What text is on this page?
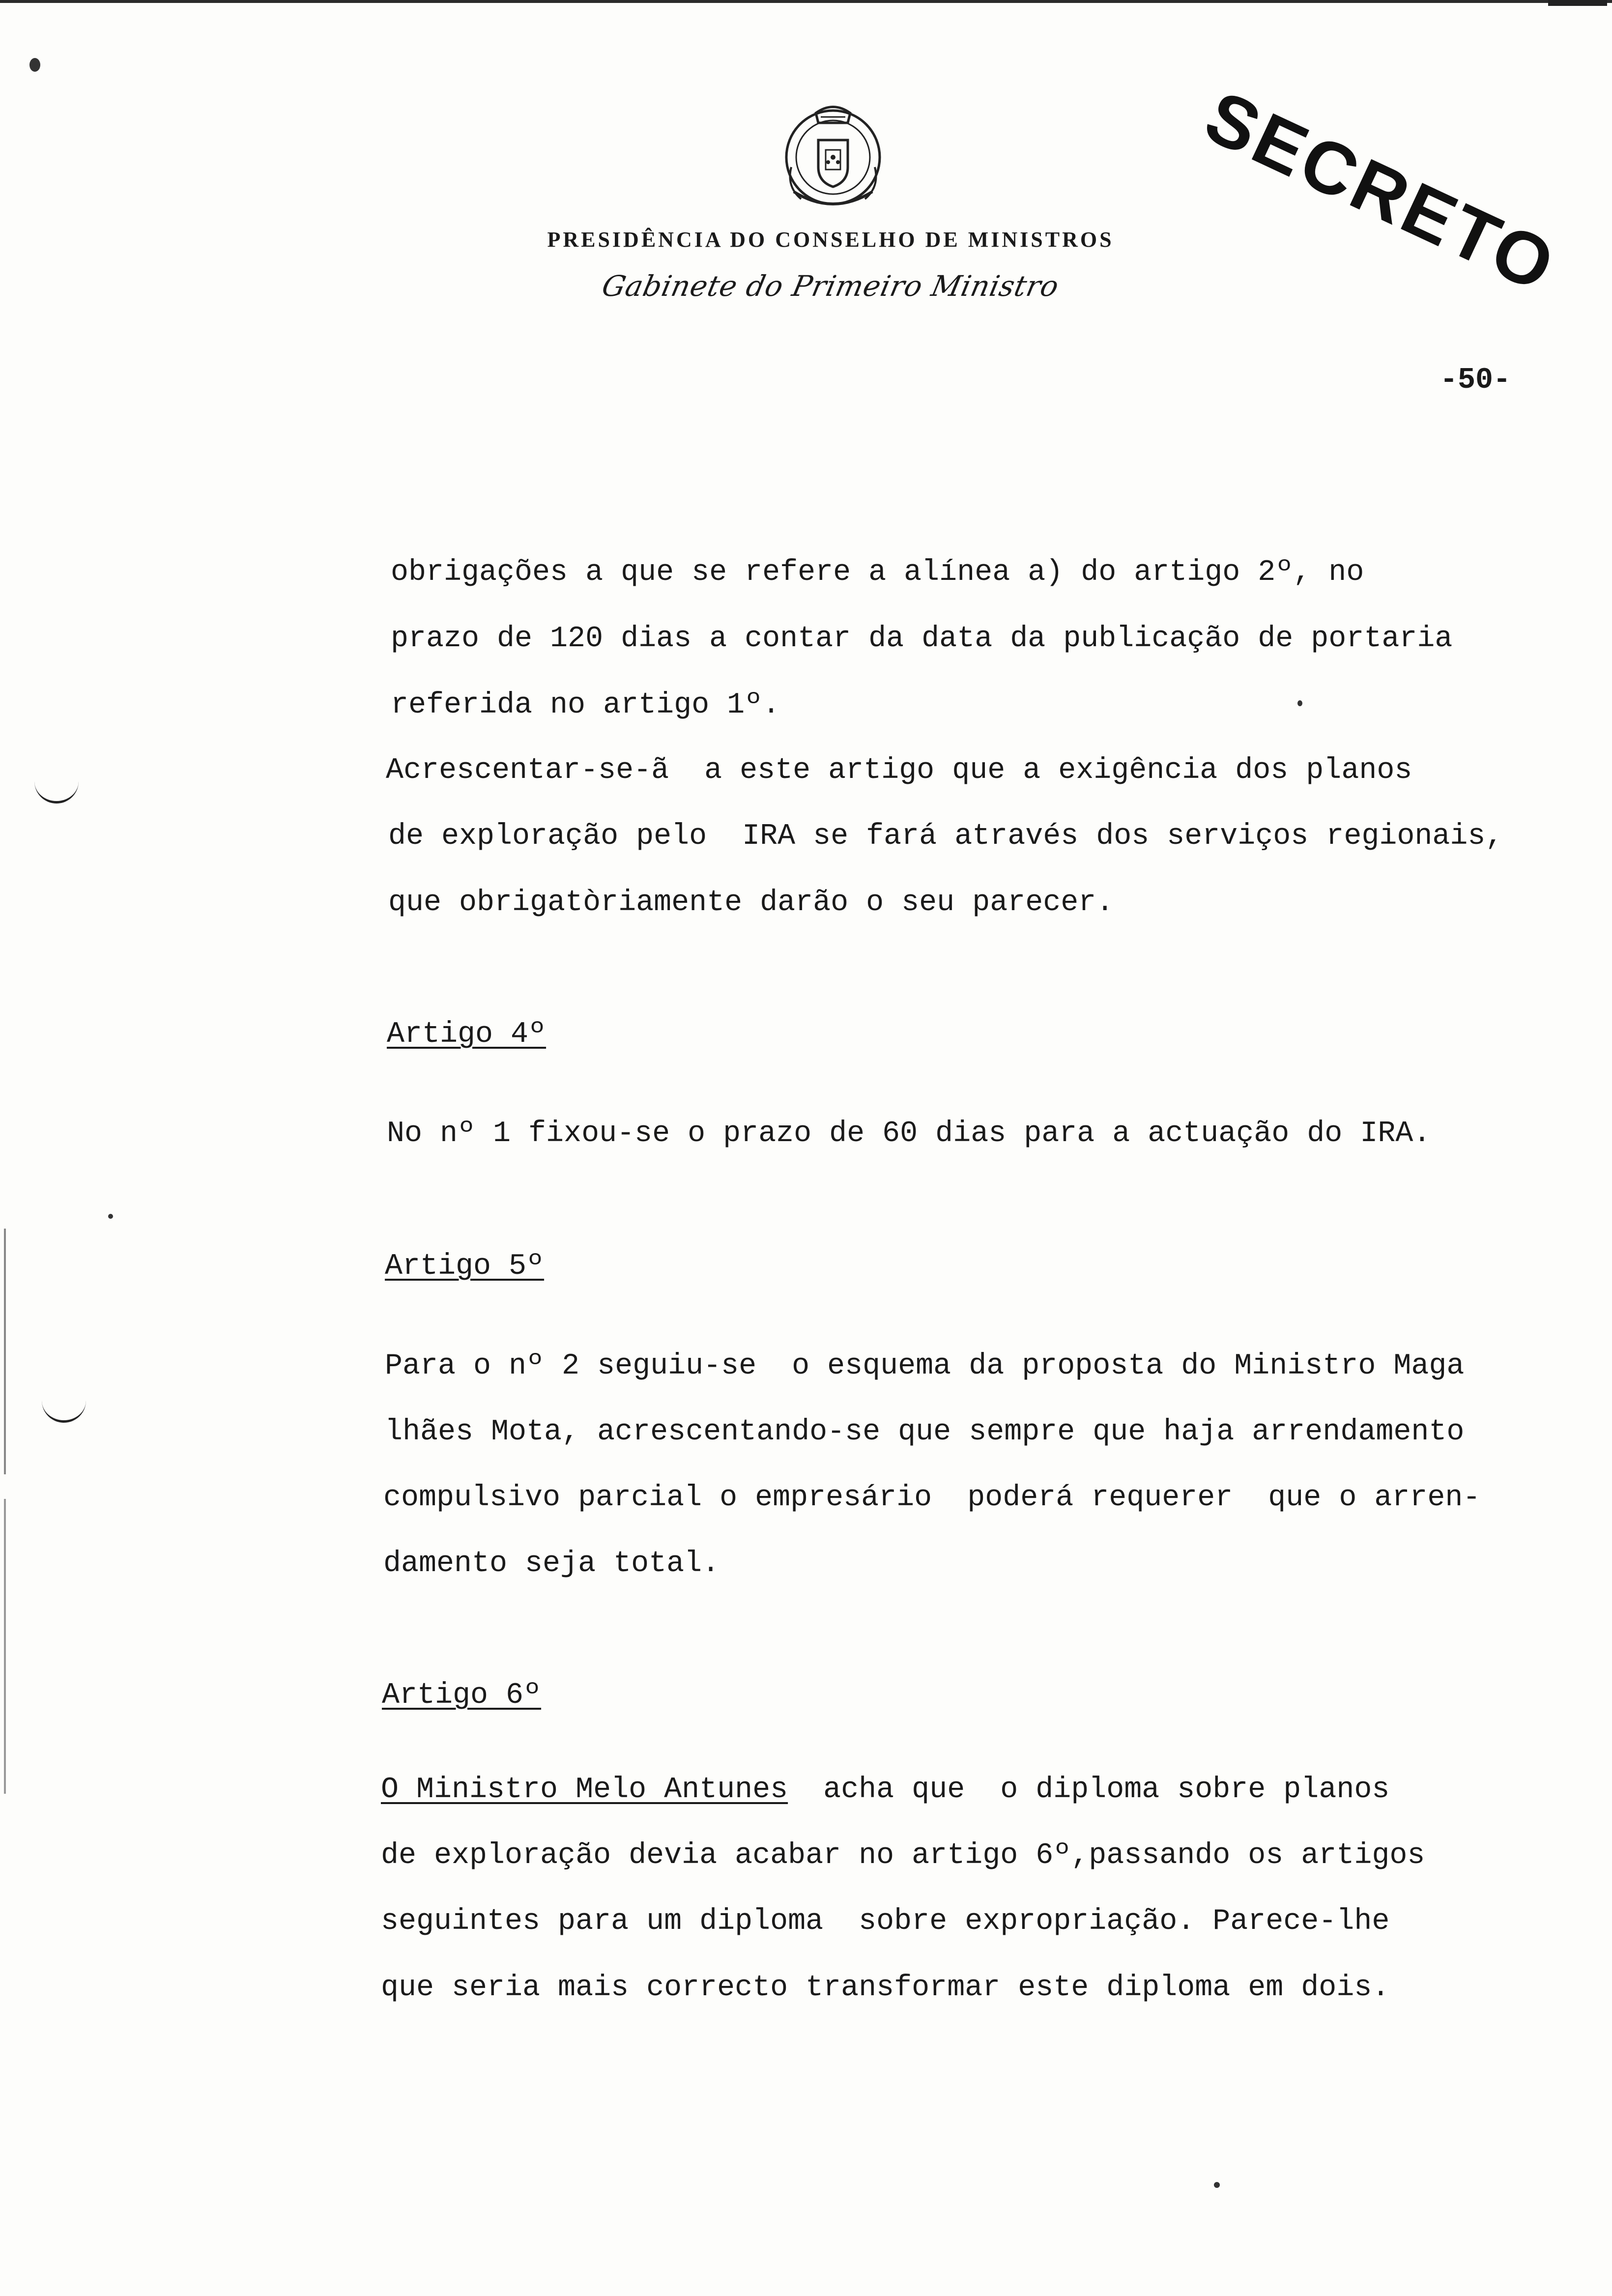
PRESIDÊNCIA DO CONSELHO DE MINISTROS
Gabinete do Primeiro Ministro	SECRETO
-50-
obrigações a que se refere a alínea a) do artigo 2º, no
prazo de 120 dias a contar da data da publicação de portaria
referida no artigo 1º.
Acrescentar-se-ã  a este artigo que a exigência dos planos
de exploração pelo  IRA se fará através dos serviços regionais,
que obrigatòriamente darão o seu parecer.
Artigo 4º
No nº 1 fixou-se o prazo de 60 dias para a actuação do IRA.
Artigo 5º
Para o nº 2 seguiu-se  o esquema da proposta do Ministro Maga
lhães Mota, acrescentando-se que sempre que haja arrendamento
compulsivo parcial o empresário  poderá requerer  que o arren-
damento seja total.
Artigo 6º
O Ministro Melo Antunes  acha que  o diploma sobre planos
de exploração devia acabar no artigo 6º,passando os artigos
seguintes para um diploma  sobre expropriação. Parece-lhe
que seria mais correcto transformar este diploma em dois.
